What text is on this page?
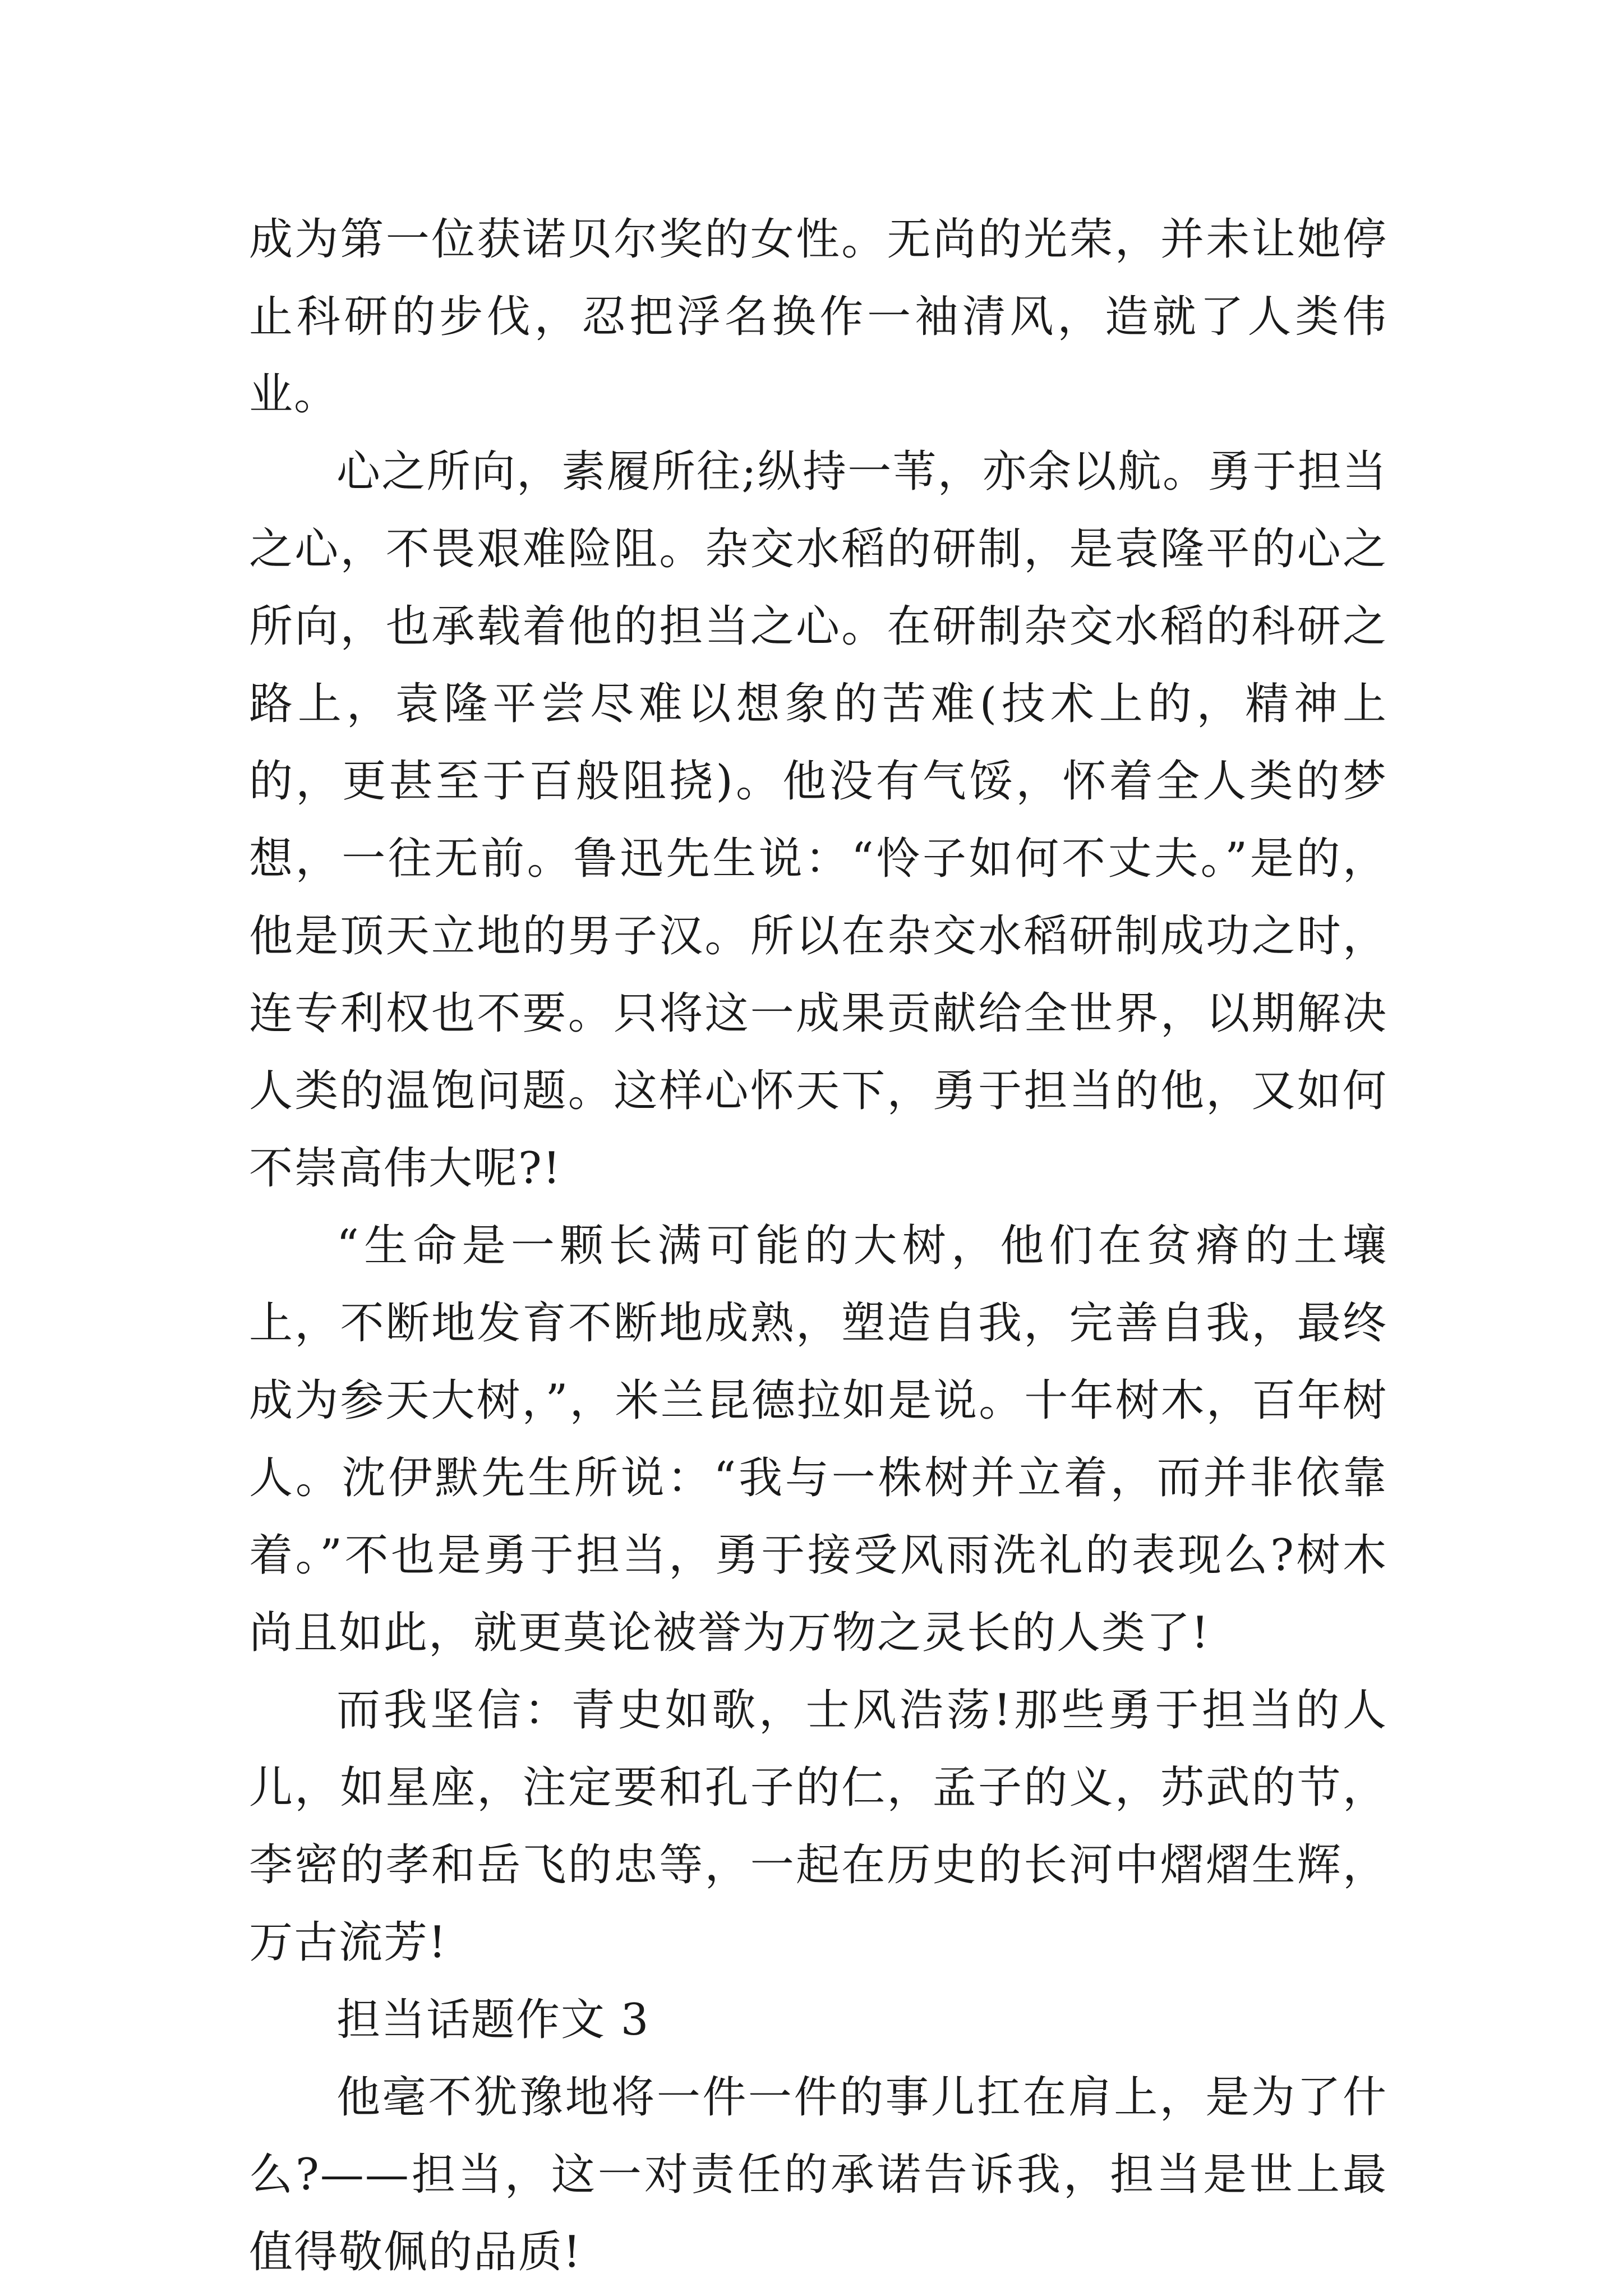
成为第一位获诺贝尔奖的女性。无尚的光荣，并未让她停止科研的步伐，忍把浮名换作一袖清风，造就了人类伟业。

心之所向，素履所往;纵持一苇，亦余以航。勇于担当之心，不畏艰难险阻。杂交水稻的研制，是袁隆平的心之所向，也承载着他的担当之心。在研制杂交水稻的科研之路上，袁隆平尝尽难以想象的苦难(技术上的，精神上的，更甚至于百般阻挠)。他没有气馁，怀着全人类的梦想，一往无前。鲁迅先生说：“怜子如何不丈夫。”是的，他是顶天立地的男子汉。所以在杂交水稻研制成功之时，连专利权也不要。只将这一成果贡献给全世界，以期解决人类的温饱问题。这样心怀天下，勇于担当的他，又如何不崇高伟大呢?!

“生命是一颗长满可能的大树，他们在贫瘠的土壤上，不断地发育不断地成熟，塑造自我，完善自我，最终成为参天大树，”，米兰昆德拉如是说。十年树木，百年树人。沈伊默先生所说：“我与一株树并立着，而并非依靠着。”不也是勇于担当，勇于接受风雨洗礼的表现么?树木尚且如此，就更莫论被誉为万物之灵长的人类了!

而我坚信：青史如歌，士风浩荡!那些勇于担当的人儿，如星座，注定要和孔子的仁，孟子的义，苏武的节，李密的孝和岳飞的忠等，一起在历史的长河中熠熠生辉，万古流芳!

担当话题作文 3

他毫不犹豫地将一件一件的事儿扛在肩上，是为了什么?——担当，这一对责任的承诺告诉我，担当是世上最值得敬佩的品质!
